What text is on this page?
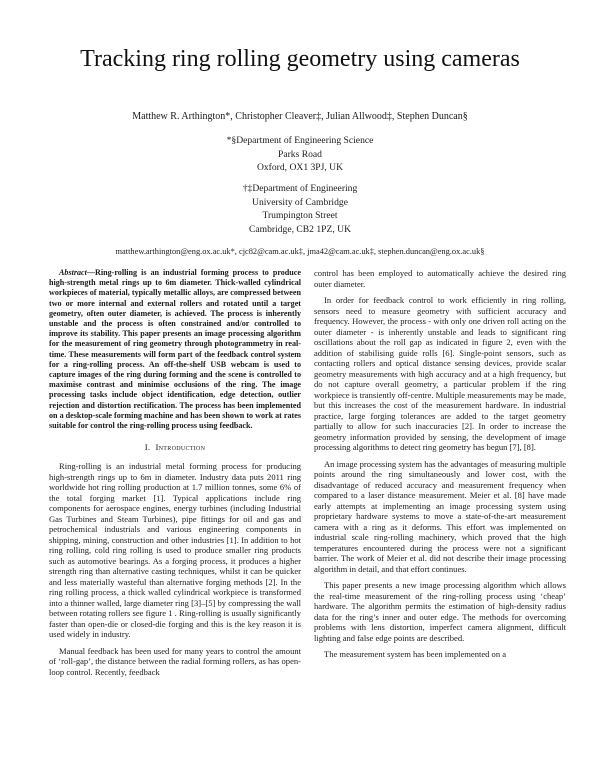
Tracking ring rolling geometry using cameras
Matthew R. Arthington*, Christopher Cleaver‡, Julian Allwood‡, Stephen Duncan§
*§Department of Engineering Science
Parks Road
Oxford, OX1 3PJ, UK
†‡Department of Engineering
University of Cambridge
Trumpington Street
Cambridge, CB2 1PZ, UK
matthew.arthington@eng.ox.ac.uk*, cjc82@cam.ac.uk‡, jma42@cam.ac.uk‡, stephen.duncan@eng.ox.ac.uk§

Abstract—Ring-rolling is an industrial forming process to produce high-strength metal rings up to 6m diameter. Thick-walled cylindrical workpieces of material, typically metallic alloys, are compressed between two or more internal and external rollers and rotated until a target geometry, often outer diameter, is achieved. The process is inherently unstable and the process is often constrained and/or controlled to improve its stability. This paper presents an image processing algorithm for the measurement of ring geometry through photogrammetry in real-time. These measurements will form part of the feedback control system for a ring-rolling process. An off-the-shelf USB webcam is used to capture images of the ring during forming and the scene is controlled to maximise contrast and minimise occlusions of the ring. The image processing tasks include object identification, edge detection, outlier rejection and distortion rectification. The process has been implemented on a desktop-scale forming machine and has been shown to work at rates suitable for control the ring-rolling process using feedback.

I. Introduction

Ring-rolling is an industrial metal forming process for producing high-strength rings up to 6m in diameter. Industry data puts 2011 ring worldwide hot ring rolling production at 1.7 million tonnes, some 6% of the total forging market [1]. Typical applications include ring components for aerospace engines, energy turbines (including Industrial Gas Turbines and Steam Turbines), pipe fittings for oil and gas and petrochemical industrials and various engineering components in shipping, mining, construction and other industries [1]. In addition to hot ring rolling, cold ring rolling is used to produce smaller ring products such as automotive bearings. As a forging process, it produces a higher strength ring than alternative casting techniques, whilst it can be quicker and less materially wasteful than alternative forging methods [2]. In the ring rolling process, a thick walled cylindrical workpiece is transformed into a thinner walled, large diameter ring [3]–[5] by compressing the wall between rotating rollers see figure 1 . Ring-rolling is usually significantly faster than open-die or closed-die forging and this is the key reason it is used widely in industry.

Manual feedback has been used for many years to control the amount of ‘roll-gap’, the distance between the radial forming rollers, as has open-loop control. Recently, feedback

control has been employed to automatically achieve the desired ring outer diameter.

In order for feedback control to work efficiently in ring rolling, sensors need to measure geometry with sufficient accuracy and frequency. However, the process - with only one driven roll acting on the outer diameter - is inherently unstable and leads to significant ring oscillations about the roll gap as indicated in figure 2, even with the addition of stabilising guide rolls [6]. Single-point sensors, such as contacting rollers and optical distance sensing devices, provide scalar geometry measurements with high accuracy and at a high frequency, but do not capture overall geometry, a particular problem if the ring workpiece is transiently off-centre. Multiple measurements may be made, but this increases the cost of the measurement hardware. In industrial practice, large forging tolerances are added to the target geometry partially to allow for such inaccuracies [2]. In order to increase the geometry information provided by sensing, the development of image processing algorithms to detect ring geometry has begun [7], [8].

An image processing system has the advantages of measuring multiple points around the ring simultaneously and lower cost, with the disadvantage of reduced accuracy and measurement frequency when compared to a laser distance measurement. Meier et al. [8] have made early attempts at implementing an image processing system using proprietary hardware systems to move a state-of-the-art measurement camera with a ring as it deforms. This effort was implemented on industrial scale ring-rolling machinery, which proved that the high temperatures encountered during the process were not a significant barrier. The work of Meier et al. did not describe their image processing algorithm in detail, and that effort continues.

This paper presents a new image processing algorithm which allows the real-time measurement of the ring-rolling process using ‘cheap’ hardware. The algorithm permits the estimation of high-density radius data for the ring’s inner and outer edge. The methods for overcoming problems with lens distortion, imperfect camera alignment, difficult lighting and false edge points are described.

The measurement system has been implemented on a
